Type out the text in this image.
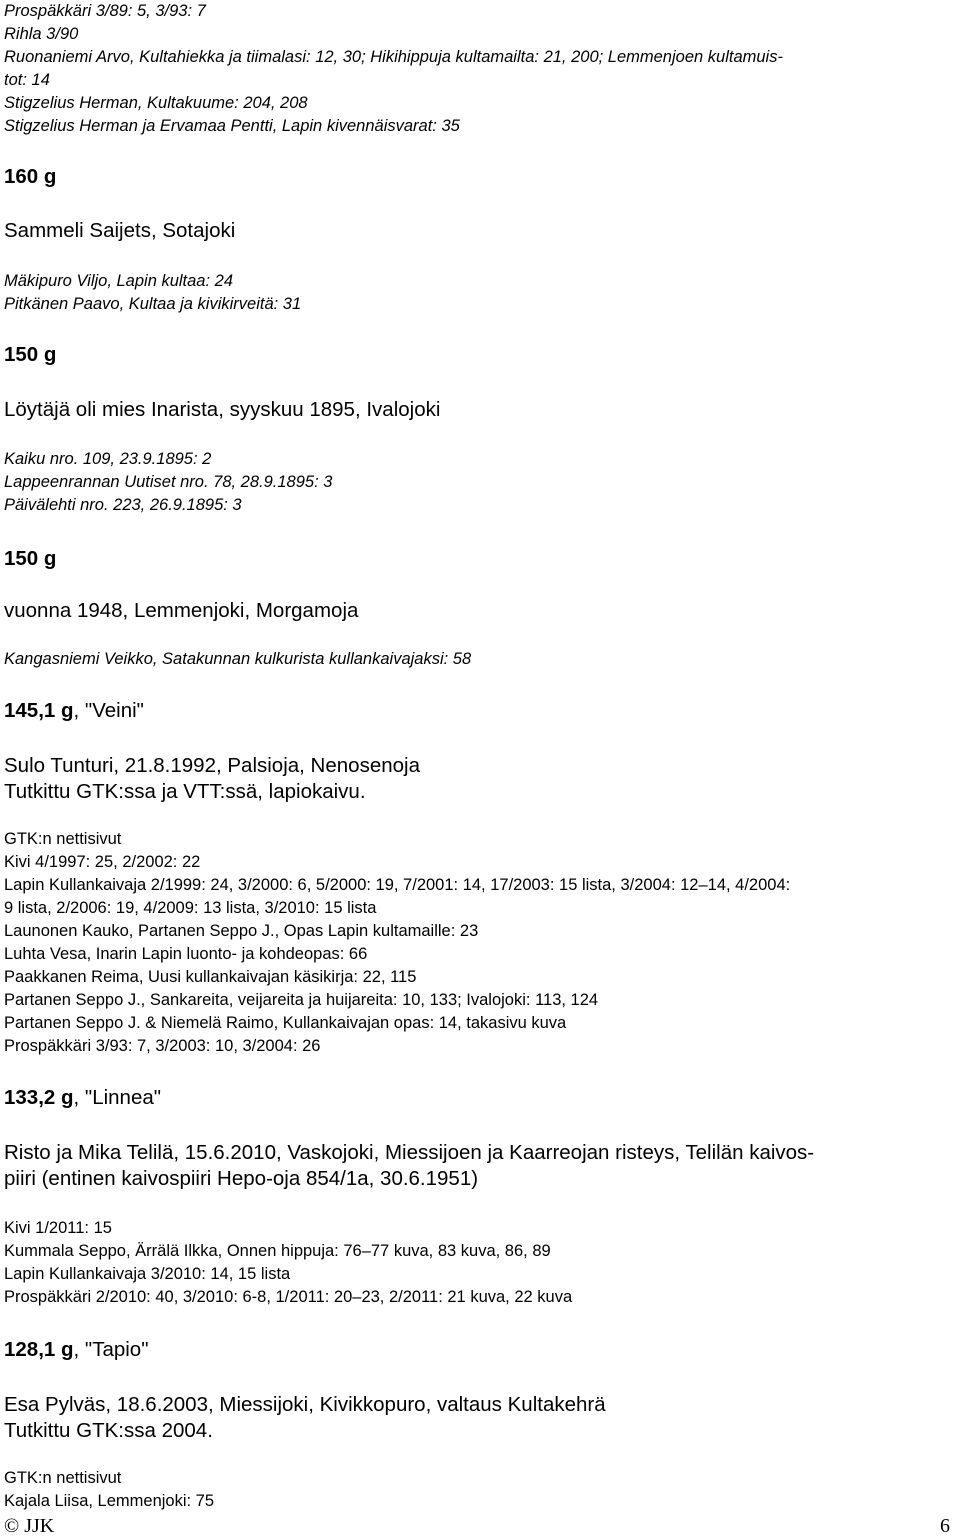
Prospäkkäri 3/89: 5, 3/93: 7

Rihla 3/90

Ruonaniemi Arvo, Kultahiekka ja tiimalasi: 12, 30; Hikihippuja kultamailta: 21, 200; Lemmenjoen kultamuis-

tot: 14

Stigzelius Herman, Kultakuume: 204, 208

Stigzelius Herman ja Ervamaa Pentti, Lapin kivennäisvarat: 35

160 g

Sammeli Saijets, Sotajoki

Mäkipuro Viljo, Lapin kultaa: 24

Pitkänen Paavo, Kultaa ja kivikirveitä: 31

150 g

Löytäjä oli mies Inarista, syyskuu 1895, Ivalojoki

Kaiku nro. 109, 23.9.1895: 2

Lappeenrannan Uutiset nro. 78, 28.9.1895: 3

Päivälehti nro. 223, 26.9.1895: 3

150 g

vuonna 1948, Lemmenjoki, Morgamoja

Kangasniemi Veikko, Satakunnan kulkurista kullankaivajaksi: 58

145,1 g, "Veini"

Sulo Tunturi, 21.8.1992, Palsioja, Nenosenoja

Tutkittu GTK:ssa ja VTT:ssä, lapiokaivu.

GTK:n nettisivut

Kivi 4/1997: 25, 2/2002: 22

Lapin Kullankaivaja 2/1999: 24, 3/2000: 6, 5/2000: 19, 7/2001: 14, 17/2003: 15 lista, 3/2004: 12–14, 4/2004:

9 lista, 2/2006: 19, 4/2009: 13 lista, 3/2010: 15 lista

Launonen Kauko, Partanen Seppo J., Opas Lapin kultamaille: 23

Luhta Vesa, Inarin Lapin luonto- ja kohdeopas: 66

Paakkanen Reima, Uusi kullankaivajan käsikirja: 22, 115

Partanen Seppo J., Sankareita, veijareita ja huijareita: 10, 133; Ivalojoki: 113, 124

Partanen Seppo J. & Niemelä Raimo, Kullankaivajan opas: 14, takasivu kuva

Prospäkkäri 3/93: 7, 3/2003: 10, 3/2004: 26

133,2 g, "Linnea"

Risto ja Mika Telilä, 15.6.2010, Vaskojoki, Miessijoen ja Kaarreojan risteys, Telilän kaivos-

piiri (entinen kaivospiiri Hepo-oja 854/1a, 30.6.1951)

Kivi 1/2011: 15

Kummala Seppo, Ärrälä Ilkka, Onnen hippuja: 76–77 kuva, 83 kuva, 86, 89

Lapin Kullankaivaja 3/2010: 14, 15 lista

Prospäkkäri 2/2010: 40, 3/2010: 6-8, 1/2011: 20–23, 2/2011: 21 kuva, 22 kuva

128,1 g, "Tapio"

Esa Pylväs, 18.6.2003, Miessijoki, Kivikkopuro, valtaus Kultakehrä

Tutkittu GTK:ssa 2004.

GTK:n nettisivut

Kajala Liisa, Lemmenjoki: 75

© JJK	6
